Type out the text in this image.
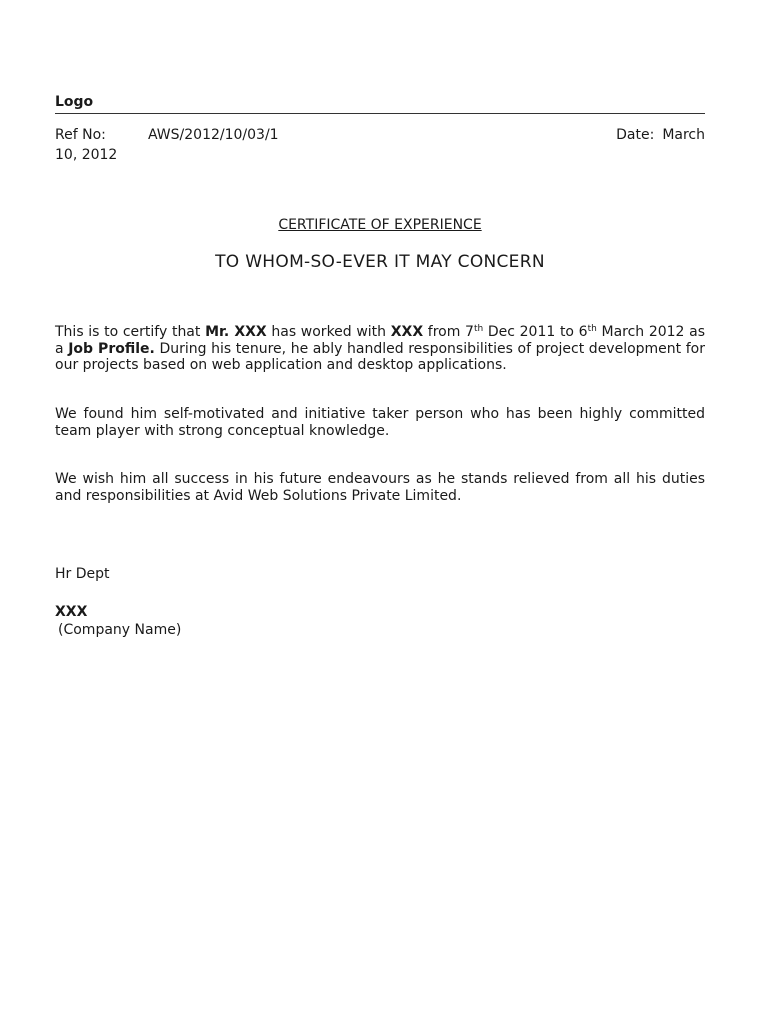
Logo
Ref No:	AWS/2012/10/03/1	Date: March
10, 2012
CERTIFICATE OF EXPERIENCE
TO WHOM-SO-EVER IT MAY CONCERN
This is to certify that Mr. XXX has worked with XXX from 7th Dec 2011 to 6th March 2012 as a Job Profile. During his tenure, he ably handled responsibilities of project development for our projects based on web application and desktop applications.
We found him self-motivated and initiative taker person who has been highly committed team player with strong conceptual knowledge.
We wish him all success in his future endeavours as he stands relieved from all his duties and responsibilities at Avid Web Solutions Private Limited.
Hr Dept
XXX
(Company Name)
